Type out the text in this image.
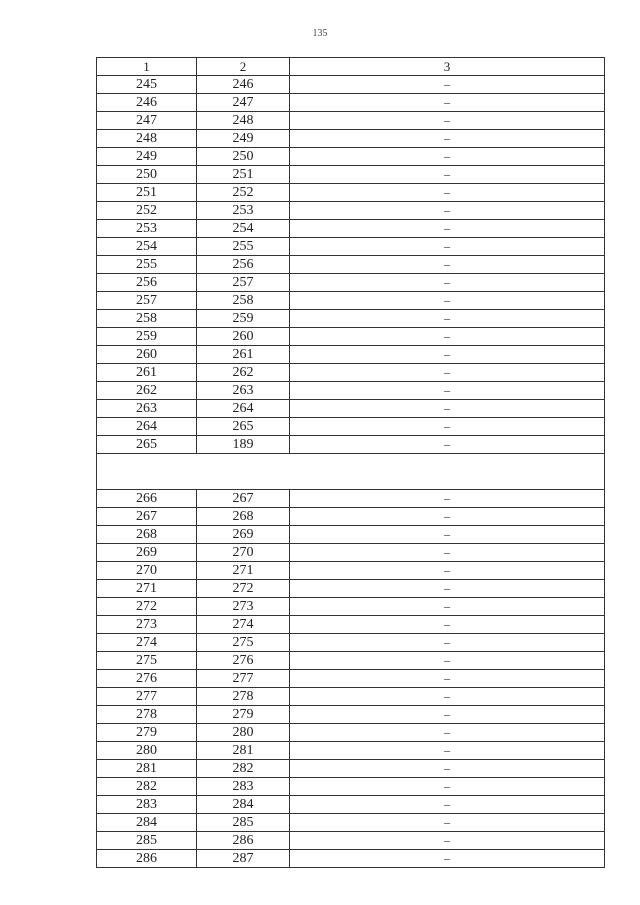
135
1	2	3
245	246	–
246	247	–
247	248	–
248	249	–
249	250	–
250	251	–
251	252	–
252	253	–
253	254	–
254	255	–
255	256	–
256	257	–
257	258	–
258	259	–
259	260	–
260	261	–
261	262	–
262	263	–
263	264	–
264	265	–
265	189	–

266	267	–
267	268	–
268	269	–
269	270	–
270	271	–
271	272	–
272	273	–
273	274	–
274	275	–
275	276	–
276	277	–
277	278	–
278	279	–
279	280	–
280	281	–
281	282	–
282	283	–
283	284	–
284	285	–
285	286	–
286	287	–
